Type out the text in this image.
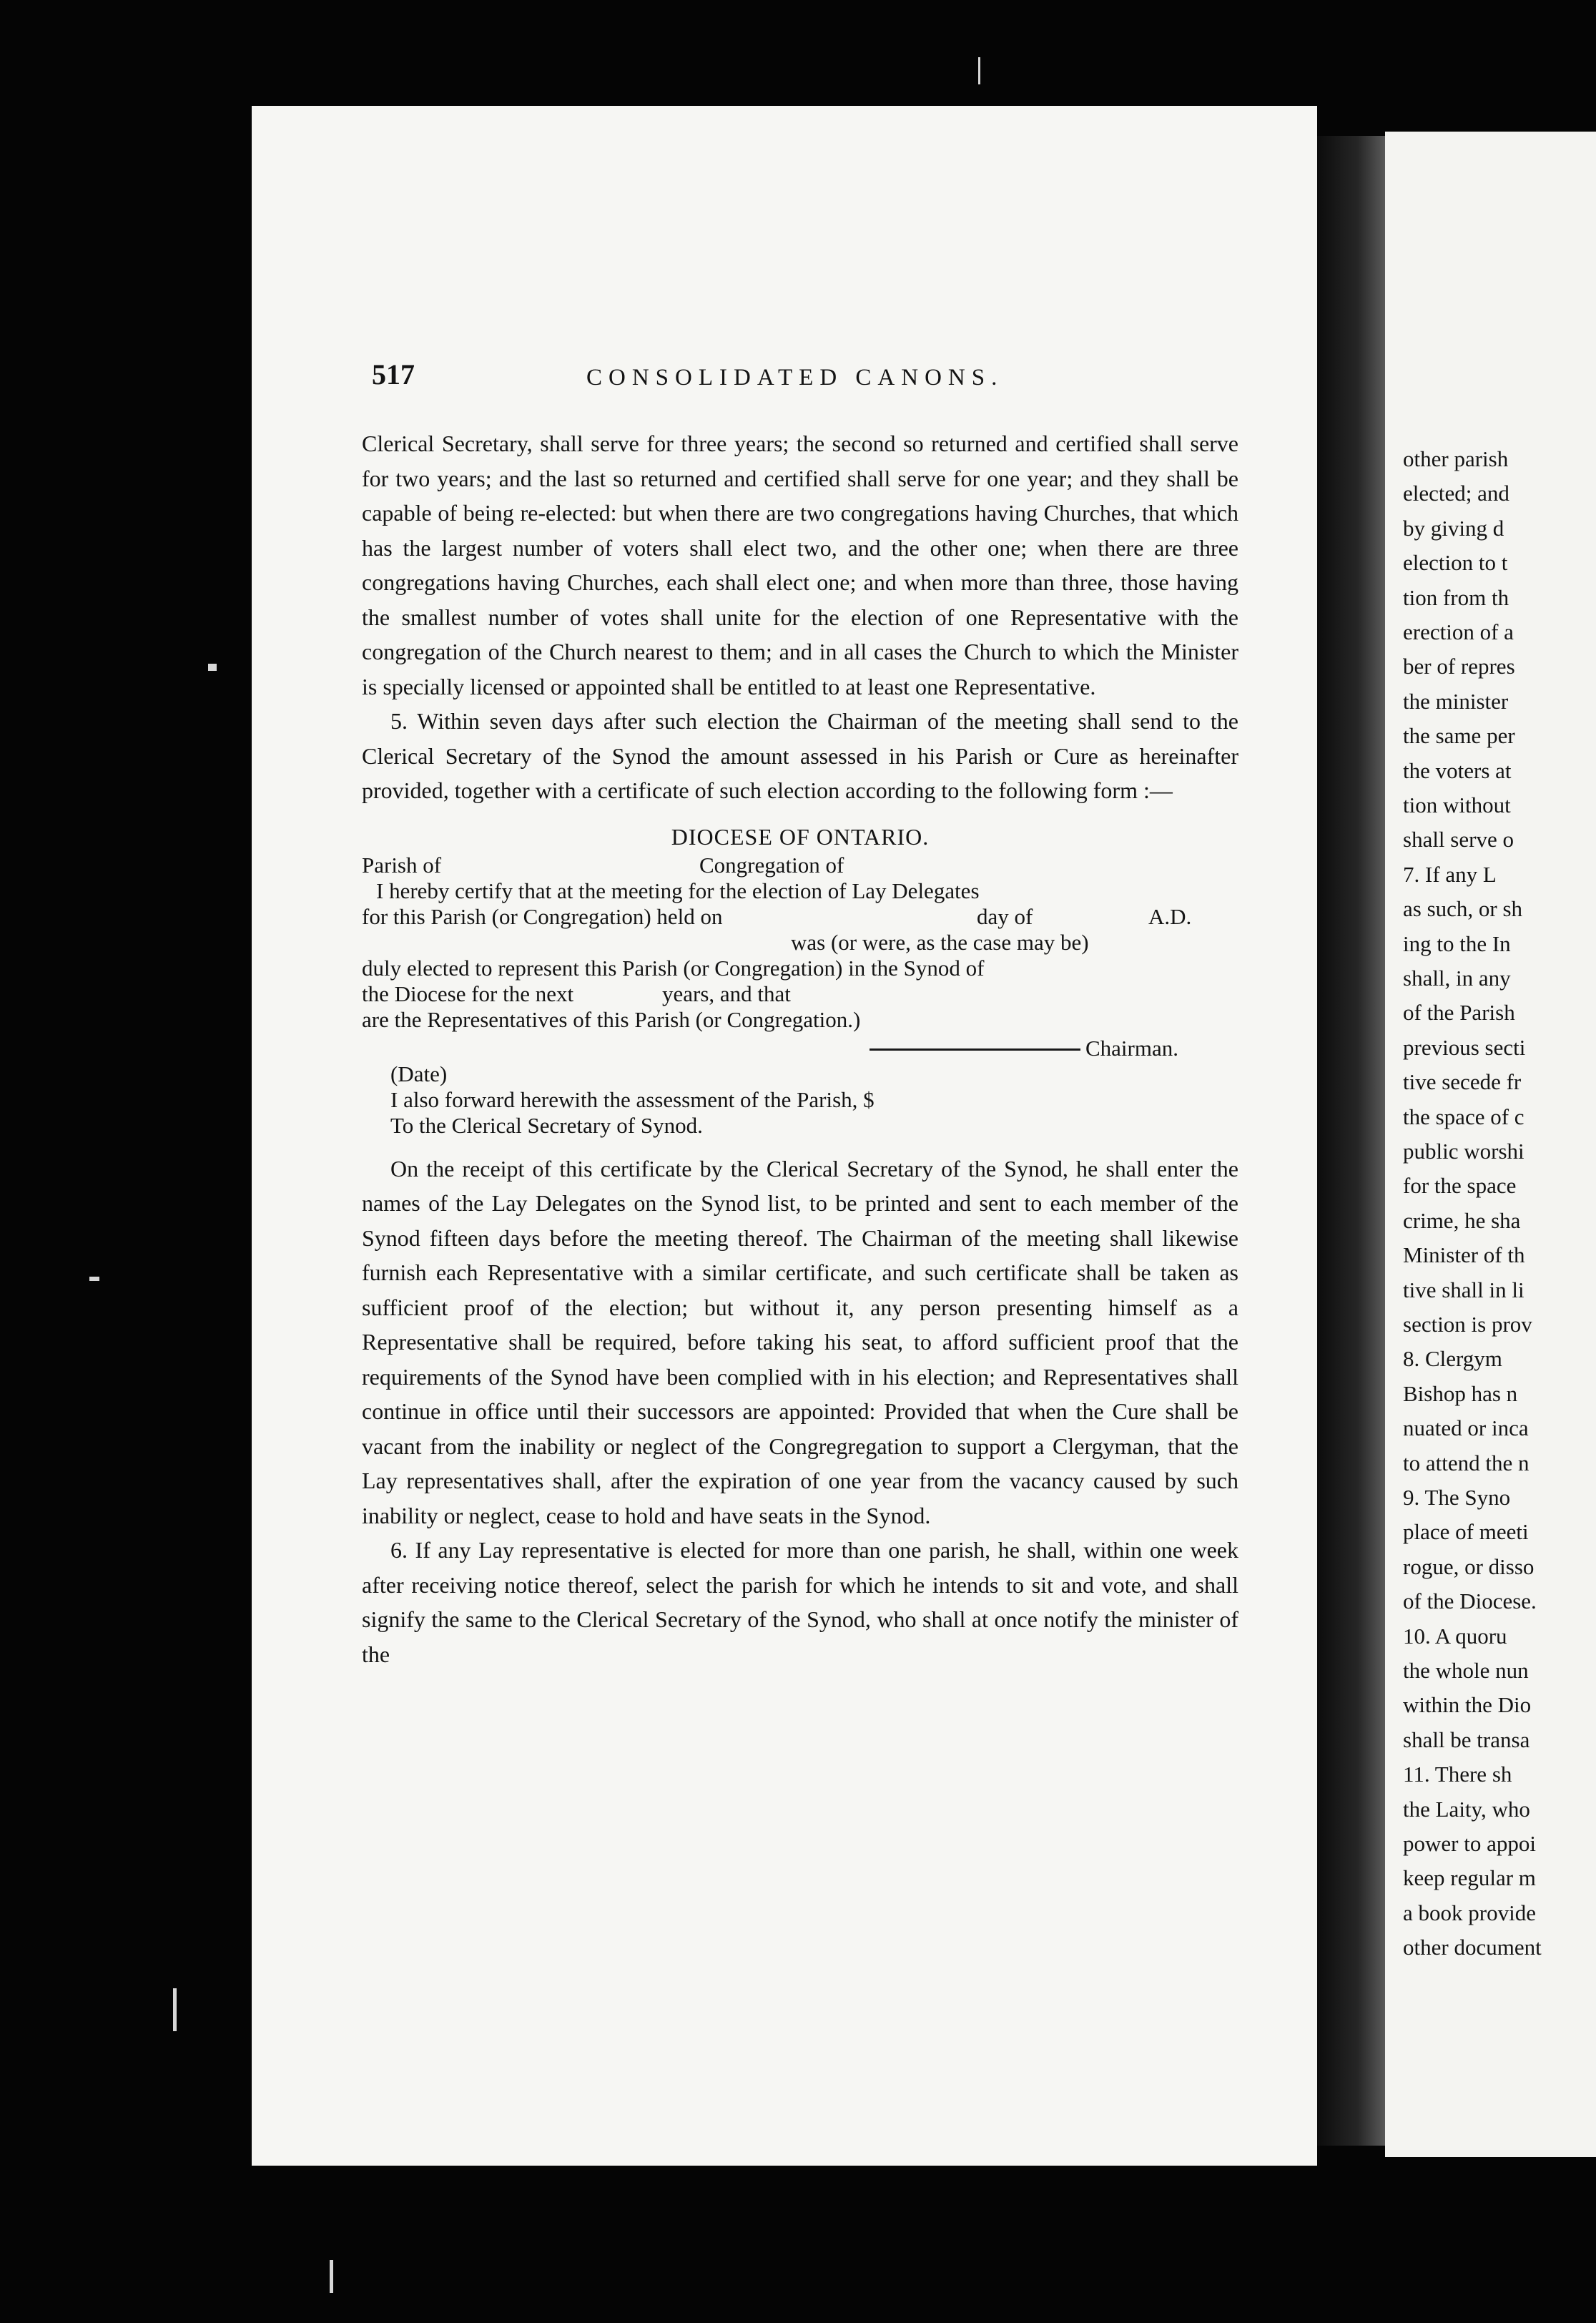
other parish
elected; and
by giving d
election to t
tion from th
erection of a
ber of repres
the minister
the same per
the voters at
tion without
shall serve o
7. If any L
as such, or sh
ing to the In
shall, in any
of the Parish
previous secti
tive secede fr
the space of c
public worshi
for the space
crime, he sha
Minister of th
tive shall in li
section is prov
8. Clergym
Bishop has n
nuated or inca
to attend the n
9. The Syno
place of meeti
rogue, or disso
of the Diocese.
10. A quoru
the whole nun
within the Dio
shall be transa
11. There sh
the Laity, who
power to appoi
keep regular m
a book provide
other document
517	CONSOLIDATED CANONS.

Clerical Secretary, shall serve for three years; the second so returned and certified shall serve for two years; and the last so returned and certified shall serve for one year; and they shall be capable of being re-elected: but when there are two congregations having Churches, that which has the largest number of voters shall elect two, and the other one; when there are three congregations having Churches, each shall elect one; and when more than three, those having the smallest number of votes shall unite for the election of one Representative with the congregation of the Church nearest to them; and in all cases the Church to which the Minister is specially licensed or appointed shall be entitled to at least one Representative.

5. Within seven days after such election the Chairman of the meeting shall send to the Clerical Secretary of the Synod the amount assessed in his Parish or Cure as hereinafter provided, together with a certificate of such election according to the following form :—

DIOCESE OF ONTARIO.
Parish of	Congregation of
I hereby certify that at the meeting for the election of Lay Delegates
for this Parish (or Congregation) held on	day of	A.D.
was (or were, as the case may be)
duly elected to represent this Parish (or Congregation) in the Synod of
the Diocese for the next	years, and that
are the Representatives of this Parish (or Congregation.)
Chairman.
(Date)
I also forward herewith the assessment of the Parish, $
To the Clerical Secretary of Synod.

On the receipt of this certificate by the Clerical Secretary of the Synod, he shall enter the names of the Lay Delegates on the Synod list, to be printed and sent to each member of the Synod fifteen days before the meeting thereof. The Chairman of the meeting shall likewise furnish each Representative with a similar certificate, and such certificate shall be taken as sufficient proof of the election; but without it, any person presenting himself as a Representative shall be required, before taking his seat, to afford sufficient proof that the requirements of the Synod have been complied with in his election; and Representatives shall continue in office until their successors are appointed: Provided that when the Cure shall be vacant from the inability or neglect of the Congregregation to support a Clergyman, that the Lay representatives shall, after the expiration of one year from the vacancy caused by such inability or neglect, cease to hold and have seats in the Synod.

6. If any Lay representative is elected for more than one parish, he shall, within one week after receiving notice thereof, select the parish for which he intends to sit and vote, and shall signify the same to the Clerical Secretary of the Synod, who shall at once notify the minister of the
